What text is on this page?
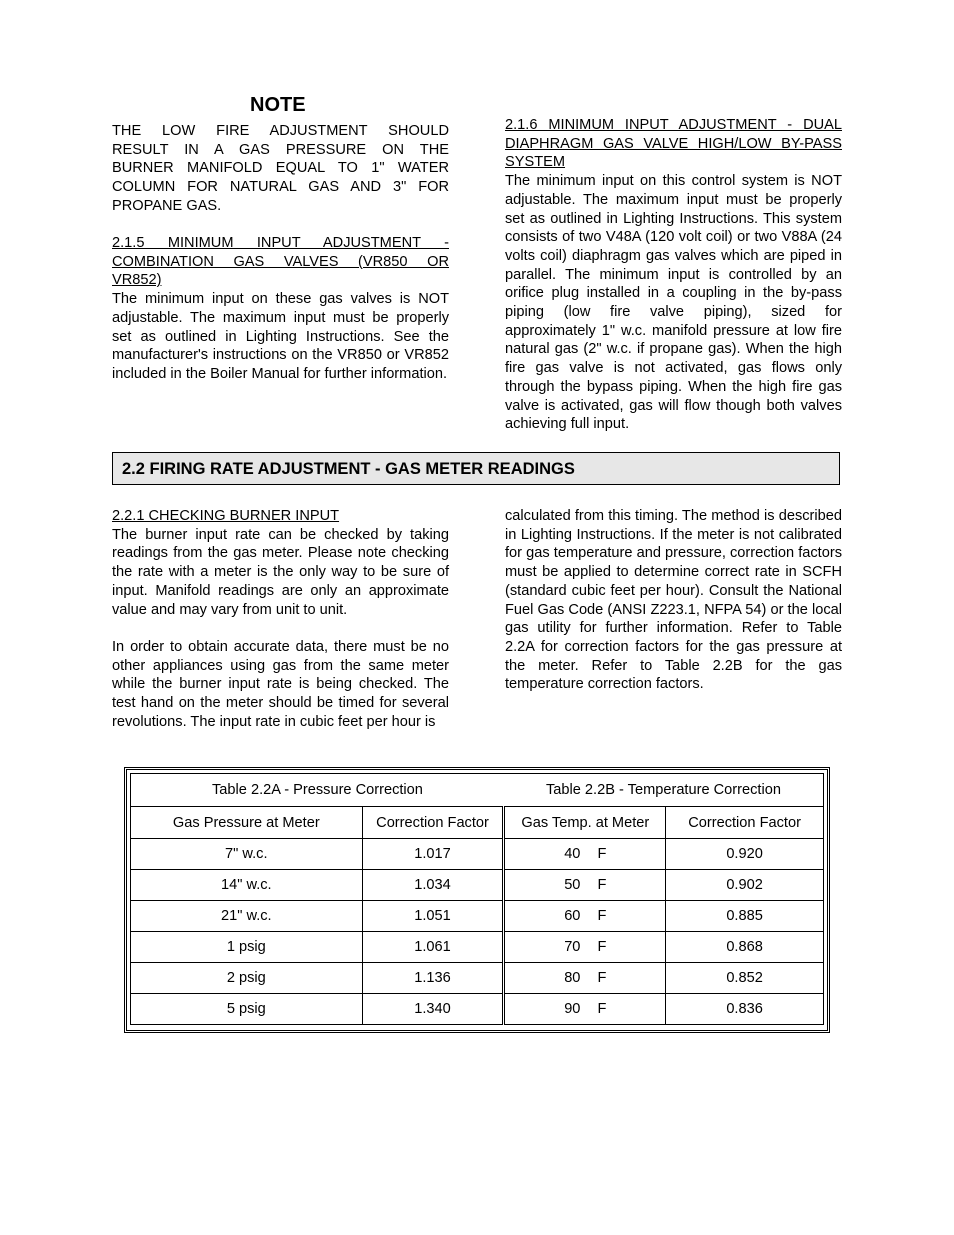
NOTE

THE LOW FIRE ADJUSTMENT SHOULD

RESULT IN A GAS PRESSURE ON THE

BURNER MANIFOLD EQUAL TO 1" WATER

COLUMN FOR NATURAL GAS AND 3" FOR

PROPANE GAS.

2.1.5 MINIMUM INPUT ADJUSTMENT -

COMBINATION GAS VALVES (VR850 OR

VR852)

The minimum input on these gas valves is NOT adjustable. The maximum input must be properly set as outlined in Lighting Instructions. See the manufacturer's instructions on the VR850 or VR852 included in the Boiler Manual for further information.

2.1.6 MINIMUM INPUT ADJUSTMENT - DUAL

DIAPHRAGM GAS VALVE HIGH/LOW BY-PASS

SYSTEM

The minimum input on this control system is NOT adjustable. The maximum input must be properly set as outlined in Lighting Instructions. This system consists of two V48A (120 volt coil) or two V88A (24 volts coil) diaphragm gas valves which are piped in parallel. The minimum input is controlled by an orifice plug installed in a coupling in the by-pass piping (low fire valve piping), sized for approximately 1" w.c. manifold pressure at low fire natural gas (2" w.c. if propane gas). When the high fire gas valve is not activated, gas flows only through the bypass piping. When the high fire gas valve is activated, gas will flow though both valves achieving full input.

2.2 FIRING RATE ADJUSTMENT - GAS METER READINGS

2.2.1 CHECKING BURNER INPUT

The burner input rate can be checked by taking readings from the gas meter. Please note checking the rate with a meter is the only way to be sure of input. Manifold readings are only an approximate value and may vary from unit to unit.

In order to obtain accurate data, there must be no other appliances using gas from the same meter while the burner input rate is being checked. The test hand on the meter should be timed for several revolutions. The input rate in cubic feet per hour is

calculated from this timing. The method is described in Lighting Instructions. If the meter is not calibrated for gas temperature and pressure, correction factors must be applied to determine correct rate in SCFH (standard cubic feet per hour). Consult the National Fuel Gas Code (ANSI Z223.1, NFPA 54) or the local gas utility for further information. Refer to Table 2.2A for correction factors for the gas pressure at the meter. Refer to Table 2.2B for the gas temperature correction factors.

Table 2.2A - Pressure Correction		Table 2.2B - Temperature Correction	
Gas Pressure at Meter	Correction Factor	Gas Temp. at Meter	Correction Factor
7" w.c.	1.017	40 F	0.920
14" w.c.	1.034	50 F	0.902
21" w.c.	1.051	60 F	0.885
1 psig	1.061	70 F	0.868
2 psig	1.136	80 F	0.852
5 psig	1.340	90 F	0.836
